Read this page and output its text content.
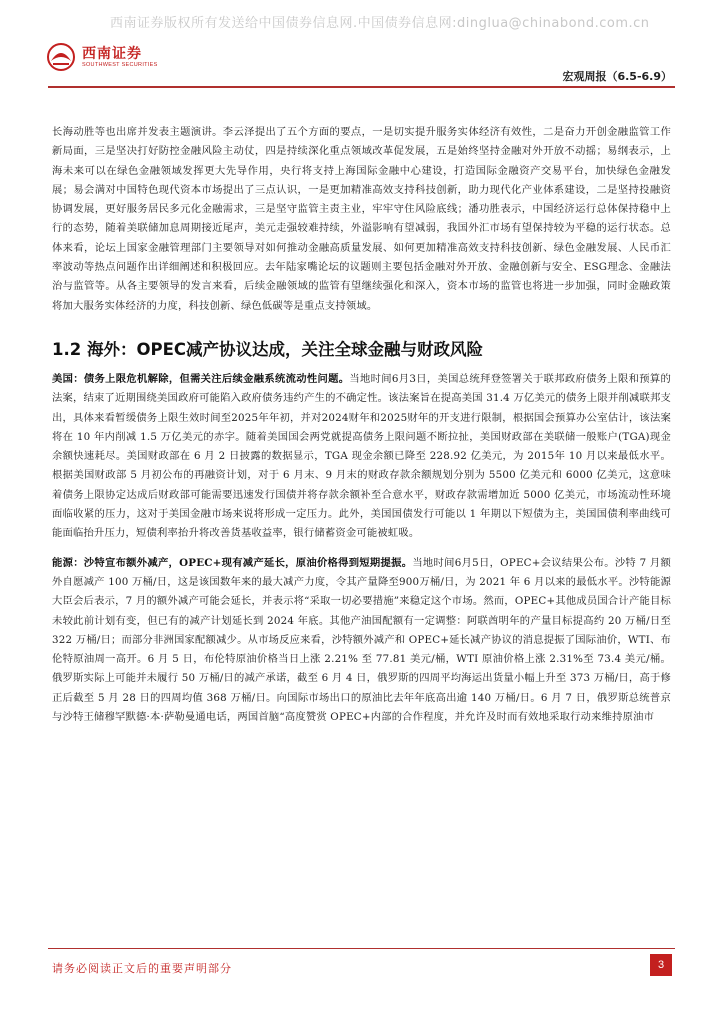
西南证券版权所有发送给中国债券信息网.中国债券信息网:dinglua@chinabond.com.cn
西南证券
SOUTHWEST SECURITIES
宏观周报（6.5-6.9）

长海动胜等也出席并发表主题演讲。李云泽提出了五个方面的要点，一是切实提升服务实体经济有效性，二是奋力开创金融监管工作新局面，三是坚决打好防控金融风险主动仗，四是持续深化重点领域改革促发展，五是始终坚持金融对外开放不动摇；易纲表示，上海未来可以在绿色金融领域发挥更大先导作用，央行将支持上海国际金融中心建设，打造国际金融资产交易平台，加快绿色金融发展；易会满对中国特色现代资本市场提出了三点认识，一是更加精准高效支持科技创新，助力现代化产业体系建设，二是坚持投融资协调发展，更好服务居民多元化金融需求，三是坚守监管主责主业，牢牢守住风险底线；潘功胜表示，中国经济运行总体保持稳中上行的态势，随着美联储加息周期接近尾声，美元走强较难持续，外溢影响有望减弱，我国外汇市场有望保持较为平稳的运行状态。总体来看，论坛上国家金融管理部门主要领导对如何推动金融高质量发展、如何更加精准高效支持科技创新、绿色金融发展、人民币汇率波动等热点问题作出详细阐述和积极回应。去年陆家嘴论坛的议题则主要包括金融对外开放、金融创新与安全、ESG理念、金融法治与监管等。从各主要领导的发言来看，后续金融领域的监管有望继续强化和深入，资本市场的监管也将进一步加强，同时金融政策将加大服务实体经济的力度，科技创新、绿色低碳等是重点支持领域。

1.2 海外：OPEC减产协议达成，关注全球金融与财政风险

美国：债务上限危机解除，但需关注后续金融系统流动性问题。当地时间6月3日，美国总统拜登签署关于联邦政府债务上限和预算的法案，结束了近期围绕美国政府可能陷入政府债务违约产生的不确定性。该法案旨在提高美国 31.4 万亿美元的债务上限并削减联邦支出，具体来看暂缓债务上限生效时间至2025年年初，并对2024财年和2025财年的开支进行限制，根据国会预算办公室估计，该法案将在 10 年内削减 1.5 万亿美元的赤字。随着美国国会两党就提高债务上限问题不断拉扯，美国财政部在美联储一般账户(TGA)现金余额快速耗尽。美国财政部在 6 月 2 日披露的数据显示，TGA 现金余额已降至 228.92 亿美元，为 2015年 10 月以来最低水平。根据美国财政部 5 月初公布的再融资计划，对于 6 月末、9 月末的财政存款余额规划分别为 5500 亿美元和 6000 亿美元，这意味着债务上限协定达成后财政部可能需要迅速发行国债并将存款余额补至合意水平，财政存款需增加近 5000 亿美元，市场流动性环境面临收紧的压力，这对于美国金融市场来说将形成一定压力。此外，美国国债发行可能以 1 年期以下短债为主，美国国债利率曲线可能面临抬升压力，短债利率抬升将改善货基收益率，银行储蓄资金可能被虹吸。

能源：沙特宣布额外减产，OPEC+现有减产延长，原油价格得到短期提振。当地时间6月5日，OPEC+会议结果公布。沙特 7 月额外自愿减产 100 万桶/日，这是该国数年来的最大减产力度，令其产量降至900万桶/日，为 2021 年 6 月以来的最低水平。沙特能源大臣会后表示，7 月的额外减产可能会延长，并表示将“采取一切必要措施”来稳定这个市场。然而，OPEC+其他成员国合计产能目标未较此前计划有变，但已有的减产计划延长到 2024 年底。其他产油国配额有一定调整：阿联酋明年的产量目标提高约 20 万桶/日至 322 万桶/日；而部分非洲国家配额减少。从市场反应来看，沙特额外减产和 OPEC+延长减产协议的消息提振了国际油价，WTI、布伦特原油周一高开。6 月 5 日，布伦特原油价格当日上涨 2.21% 至 77.81 美元/桶，WTI 原油价格上涨 2.31%至 73.4 美元/桶。俄罗斯实际上可能并未履行 50 万桶/日的减产承诺，截至 6 月 4 日，俄罗斯的四周平均海运出货量小幅上升至 373 万桶/日，高于修正后截至 5 月 28 日的四周均值 368 万桶/日。向国际市场出口的原油比去年年底高出逾 140 万桶/日。6 月 7 日，俄罗斯总统普京与沙特王储穆罕默德·本·萨勒曼通电话，两国首脑“高度赞赏 OPEC+内部的合作程度，并允许及时而有效地采取行动来维持原油市

请务必阅读正文后的重要声明部分	3
